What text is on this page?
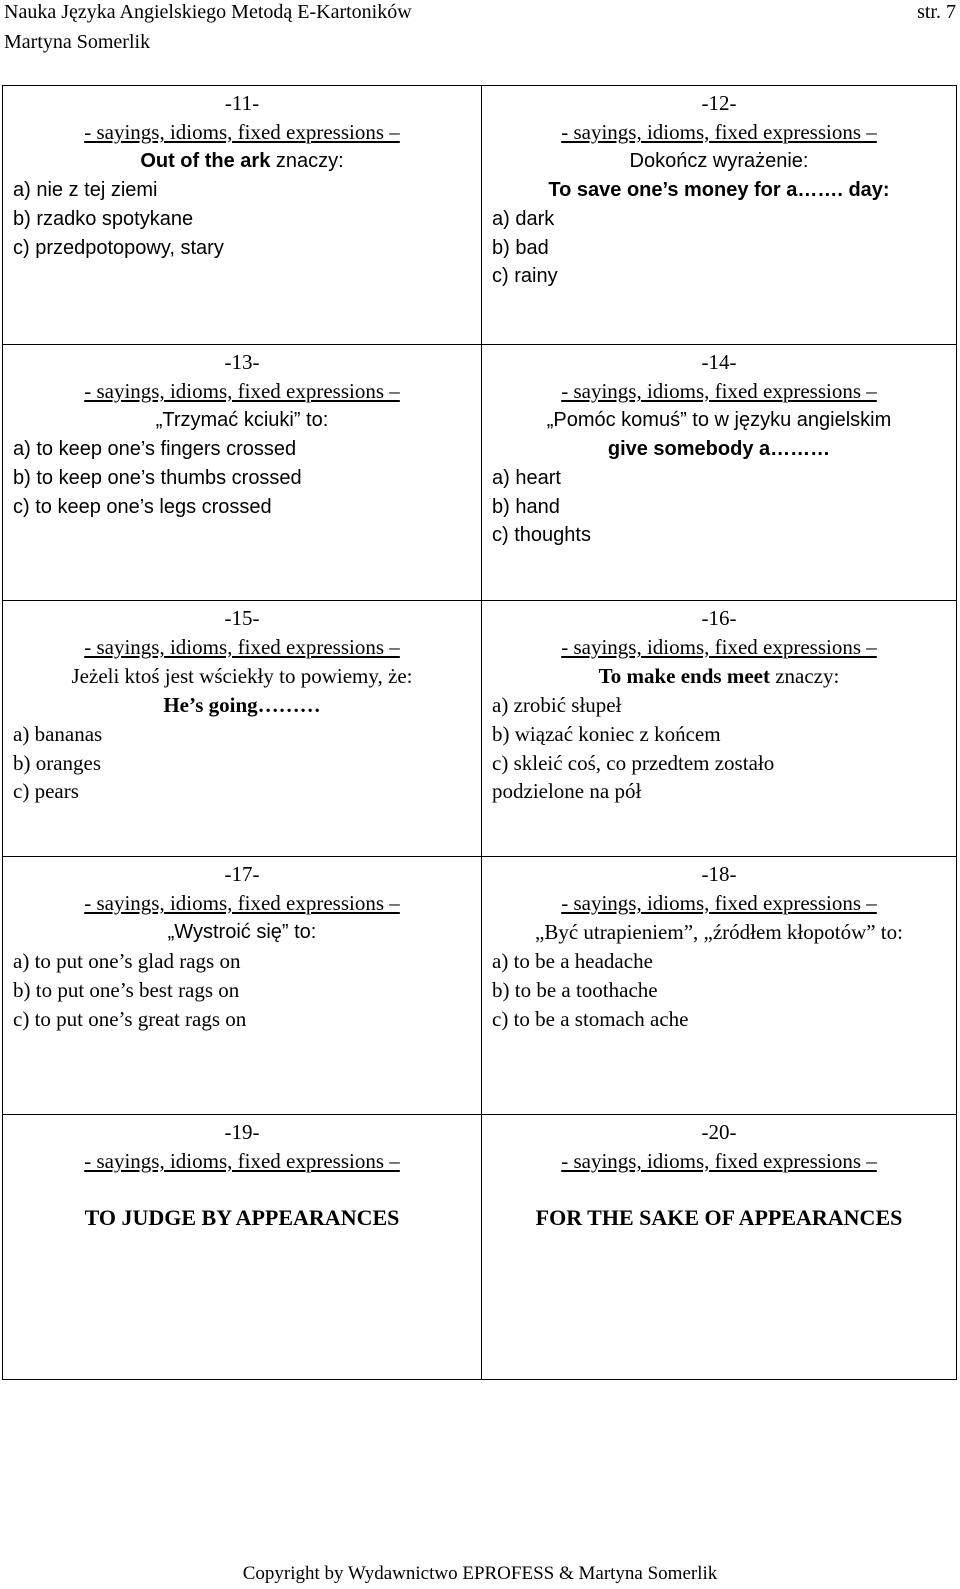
Nauka Języka Angielskiego Metodą E-Kartoników	str. 7
Martyna Somerlik
-11-
- sayings, idioms, fixed expressions –
Out of the ark znaczy:
a) nie z tej ziemi
b) rzadko spotykane
c) przedpotopowy, stary
-12-
- sayings, idioms, fixed expressions –
Dokończ wyrażenie:
To save one’s money for a……. day:
a) dark
b) bad
c) rainy
-13-
- sayings, idioms, fixed expressions –
„Trzymać kciuki” to:
a) to keep one’s fingers crossed
b) to keep one’s thumbs crossed
c) to keep one’s legs crossed
-14-
- sayings, idioms, fixed expressions –
„Pomóc komuś” to w języku angielskim
give somebody a………
a) heart
b) hand
c) thoughts
-15-
- sayings, idioms, fixed expressions –
Jeżeli ktoś jest wściekły to powiemy, że:
He’s going………
a) bananas
b) oranges
c) pears
-16-
- sayings, idioms, fixed expressions –
To make ends meet znaczy:
a) zrobić słupeł
b) wiązać koniec z końcem
c) skleić coś, co przedtem zostało
podzielone na pół
-17-
- sayings, idioms, fixed expressions –
„Wystroić się” to:
a) to put one’s glad rags on
b) to put one’s best rags on
c) to put one’s great rags on
-18-
- sayings, idioms, fixed expressions –
„Być utrapieniem”, „źródłem kłopotów” to:
a) to be a headache
b) to be a toothache
c) to be a stomach ache
-19-
- sayings, idioms, fixed expressions –
TO JUDGE BY APPEARANCES
-20-
- sayings, idioms, fixed expressions –
FOR THE SAKE OF APPEARANCES
Copyright by Wydawnictwo EPROFESS & Martyna Somerlik
